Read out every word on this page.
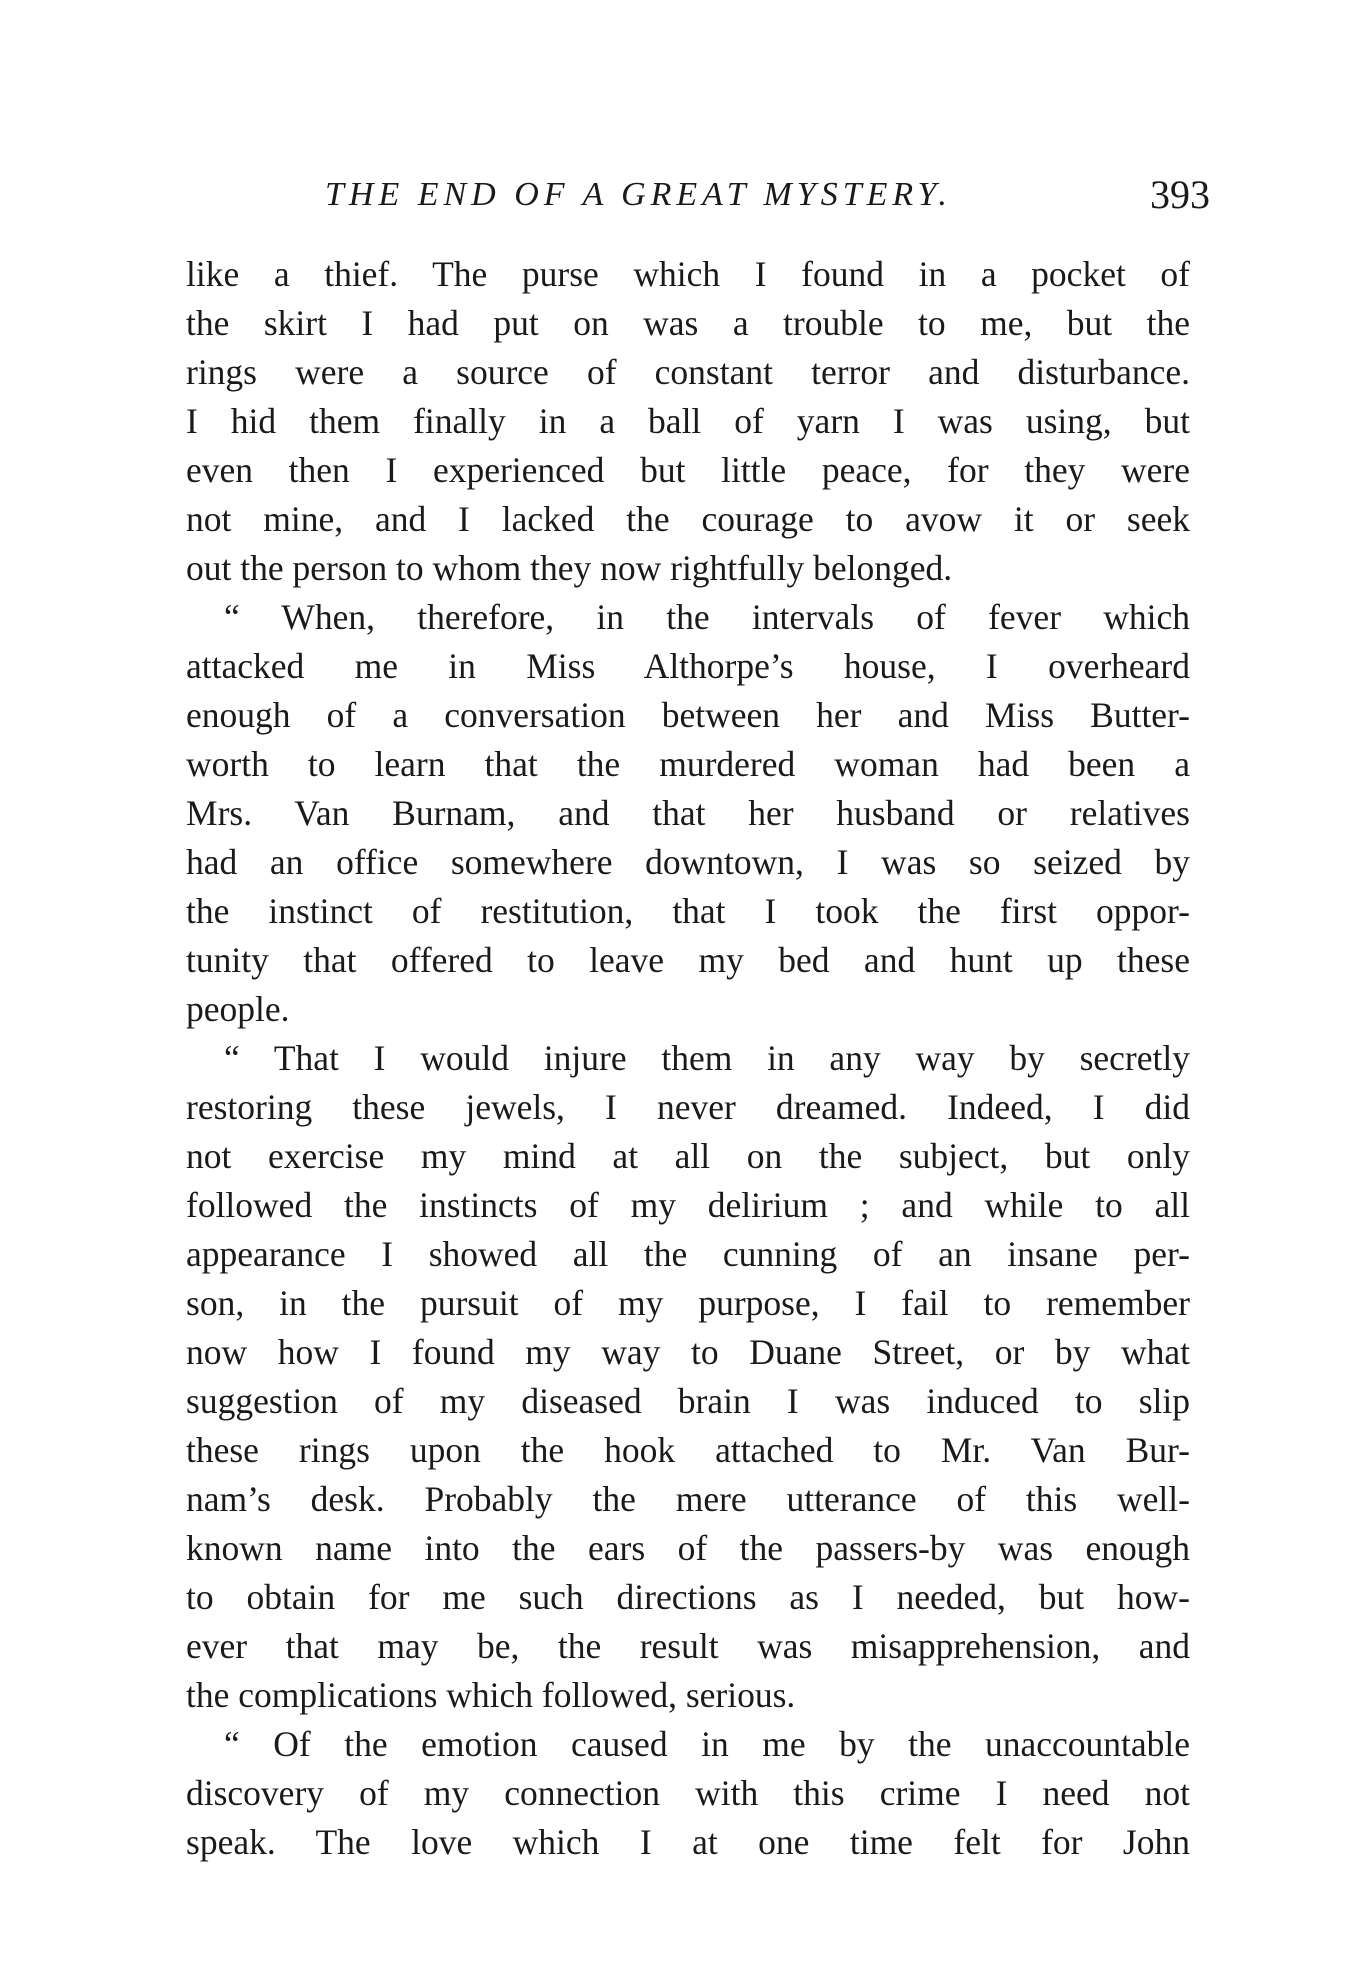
THE END OF A GREAT MYSTERY.	393
like a thief. The purse which I found in a pocket of
the skirt I had put on was a trouble to me, but the
rings were a source of constant terror and disturbance.
I hid them finally in a ball of yarn I was using, but
even then I experienced but little peace, for they were
not mine, and I lacked the courage to avow it or seek
out the person to whom they now rightfully belonged.
“ When, therefore, in the intervals of fever which
attacked me in Miss Althorpe’s house, I overheard
enough of a conversation between her and Miss Butter-
worth to learn that the murdered woman had been a
Mrs. Van Burnam, and that her husband or relatives
had an office somewhere downtown, I was so seized by
the instinct of restitution, that I took the first oppor-
tunity that offered to leave my bed and hunt up these
people.
“ That I would injure them in any way by secretly
restoring these jewels, I never dreamed. Indeed, I did
not exercise my mind at all on the subject, but only
followed the instincts of my delirium ; and while to all
appearance I showed all the cunning of an insane per-
son, in the pursuit of my purpose, I fail to remember
now how I found my way to Duane Street, or by what
suggestion of my diseased brain I was induced to slip
these rings upon the hook attached to Mr. Van Bur-
nam’s desk. Probably the mere utterance of this well-
known name into the ears of the passers-by was enough
to obtain for me such directions as I needed, but how-
ever that may be, the result was misapprehension, and
the complications which followed, serious.
“ Of the emotion caused in me by the unaccountable
discovery of my connection with this crime I need not
speak. The love which I at one time felt for John
